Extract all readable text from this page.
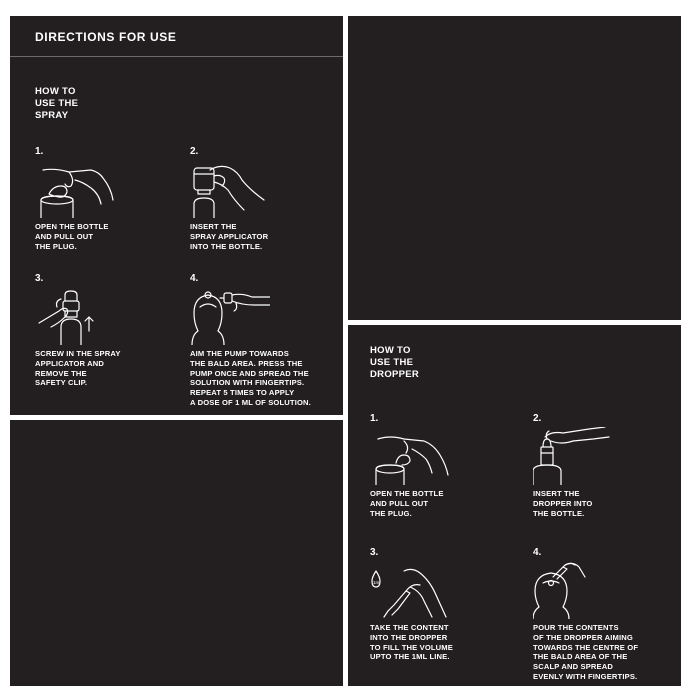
DIRECTIONS FOR USE
HOW TO
USE THE
SPRAY
1.
OPEN THE BOTTLE
AND PULL OUT
THE PLUG.
2.
INSERT THE
SPRAY APPLICATOR
INTO THE BOTTLE.
3.
SCREW IN THE SPRAY
APPLICATOR AND
REMOVE THE
SAFETY CLIP.
4.
AIM THE PUMP TOWARDS
THE BALD AREA. PRESS THE
PUMP ONCE AND SPREAD THE
SOLUTION WITH FINGERTIPS.
REPEAT 5 TIMES TO APPLY
A DOSE OF 1 ML OF SOLUTION.
HOW TO
USE THE
DROPPER
1.
OPEN THE BOTTLE
AND PULL OUT
THE PLUG.
2.
INSERT THE
DROPPER INTO
THE BOTTLE.
3.
1ml
TAKE THE CONTENT
INTO THE DROPPER
TO FILL THE VOLUME
UPTO THE 1ML LINE.
4.
POUR THE CONTENTS
OF THE DROPPER AIMING
TOWARDS THE CENTRE OF
THE BALD AREA OF THE
SCALP AND SPREAD
EVENLY WITH FINGERTIPS.
